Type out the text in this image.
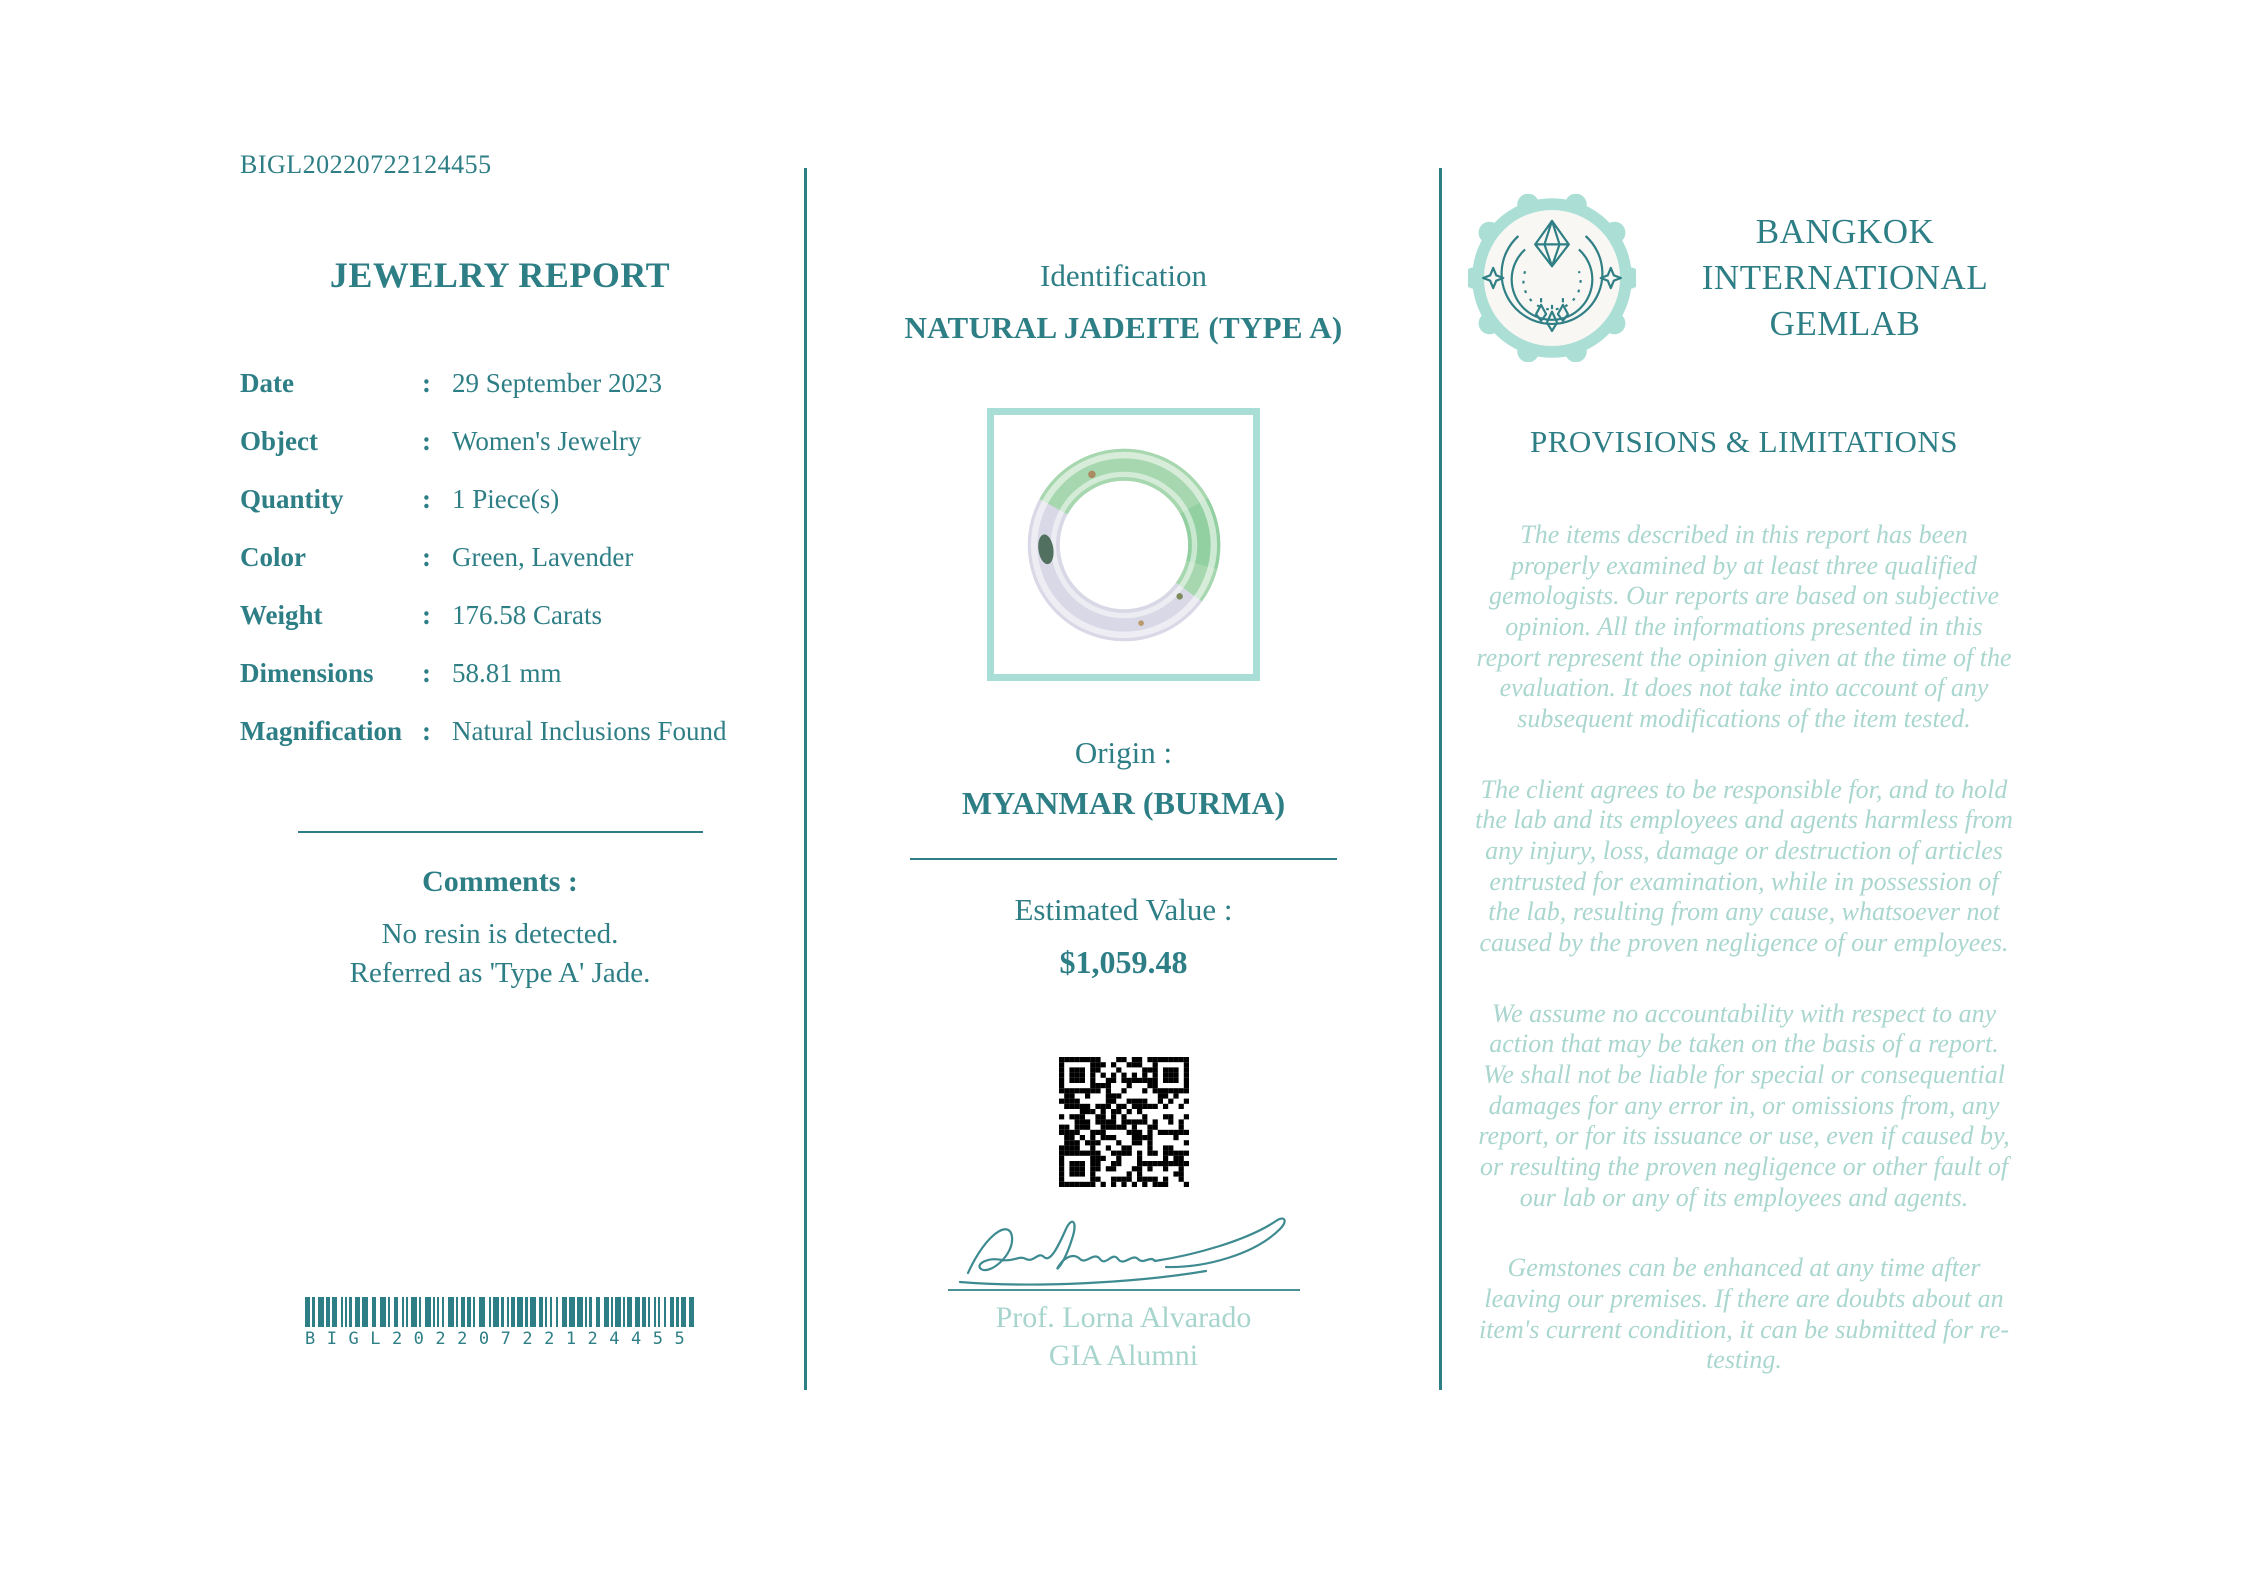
BIGL20220722124455
JEWELRY REPORT
Date	: 29 September 2023
Object	: Women's Jewelry
Quantity	: 1 Piece(s)
Color	: Green, Lavender
Weight	: 176.58 Carats
Dimensions	: 58.81 mm
Magnification : Natural Inclusions Found
Comments :
No resin is detected.
Referred as 'Type A' Jade.
BIGL20220722124455
Identification
NATURAL JADEITE (TYPE A)
Origin :
MYANMAR (BURMA)
Estimated Value :
$1,059.48
Prof. Lorna Alvarado
GIA Alumni
BANGKOK
INTERNATIONAL
GEMLAB
PROVISIONS & LIMITATIONS

The items described in this report has been properly examined by at least three qualified gemologists. Our reports are based on subjective opinion. All the informations presented in this report represent the opinion given at the time of the evaluation. It does not take into account of any subsequent modifications of the item tested.

The client agrees to be responsible for, and to hold the lab and its employees and agents harmless from any injury, loss, damage or destruction of articles entrusted for examination, while in possession of the lab, resulting from any cause, whatsoever not caused by the proven negligence of our employees.

We assume no accountability with respect to any action that may be taken on the basis of a report. We shall not be liable for special or consequential damages for any error in, or omissions from, any report, or for its issuance or use, even if caused by, or resulting the proven negligence or other fault of our lab or any of its employees and agents.

Gemstones can be enhanced at any time after leaving our premises. If there are doubts about an item's current condition, it can be submitted for re-testing.
